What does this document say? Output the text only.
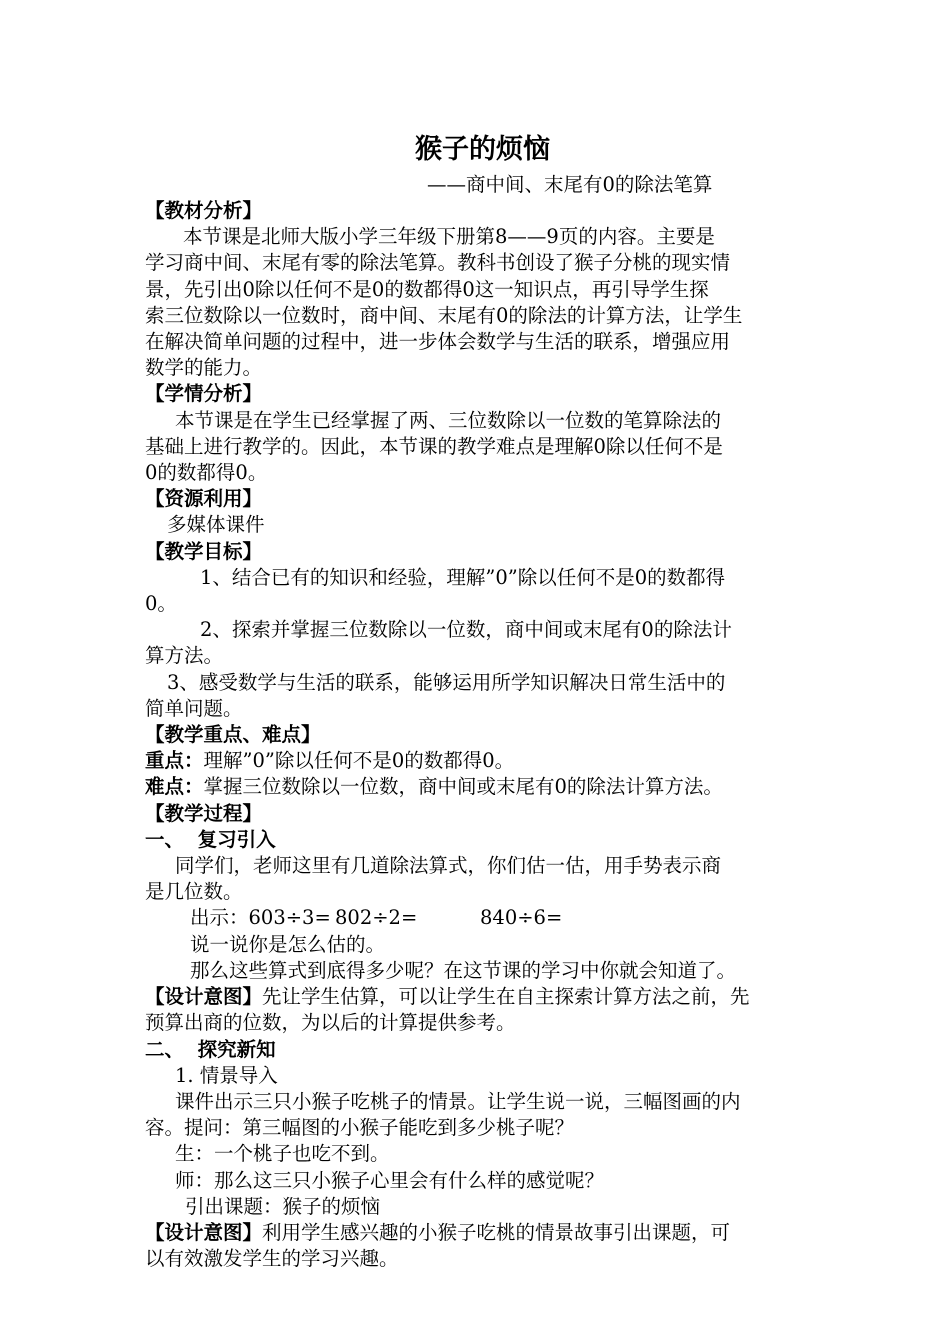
猴子的烦恼

——商中间、末尾有0的除法笔算

【教材分析】

本节课是北师大版小学三年级下册第8——9页的内容。主要是

学习商中间、末尾有零的除法笔算。教科书创设了猴子分桃的现实情

景，先引出0除以任何不是0的数都得0这一知识点，再引导学生探

索三位数除以一位数时，商中间、末尾有0的除法的计算方法，让学生

在解决简单问题的过程中，进一步体会数学与生活的联系，增强应用

数学的能力。

【学情分析】

本节课是在学生已经掌握了两、三位数除以一位数的笔算除法的

基础上进行教学的。因此，本节课的教学难点是理解0除以任何不是

0的数都得0。

【资源利用】

多媒体课件

【教学目标】

1、结合已有的知识和经验，理解”0”除以任何不是0的数都得

0。

2、探索并掌握三位数除以一位数，商中间或末尾有0的除法计

算方法。

3、感受数学与生活的联系，能够运用所学知识解决日常生活中的

简单问题。

【教学重点、难点】

重点：理解”0”除以任何不是0的数都得0。

难点：掌握三位数除以一位数，商中间或末尾有0的除法计算方法。

【教学过程】

一、  复习引入

同学们，老师这里有几道除法算式，你们估一估，用手势表示商

是几位数。

出示：603÷3= 802÷2=	840÷6=

说一说你是怎么估的。

那么这些算式到底得多少呢？在这节课的学习中你就会知道了。

【设计意图】先让学生估算，可以让学生在自主探索计算方法之前，先

预算出商的位数，为以后的计算提供参考。

二、  探究新知

1. 情景导入

课件出示三只小猴子吃桃子的情景。让学生说一说，三幅图画的内

容。提问：第三幅图的小猴子能吃到多少桃子呢？

生：一个桃子也吃不到。

师：那么这三只小猴子心里会有什么样的感觉呢？

引出课题：猴子的烦恼

【设计意图】利用学生感兴趣的小猴子吃桃的情景故事引出课题，可

以有效激发学生的学习兴趣。
